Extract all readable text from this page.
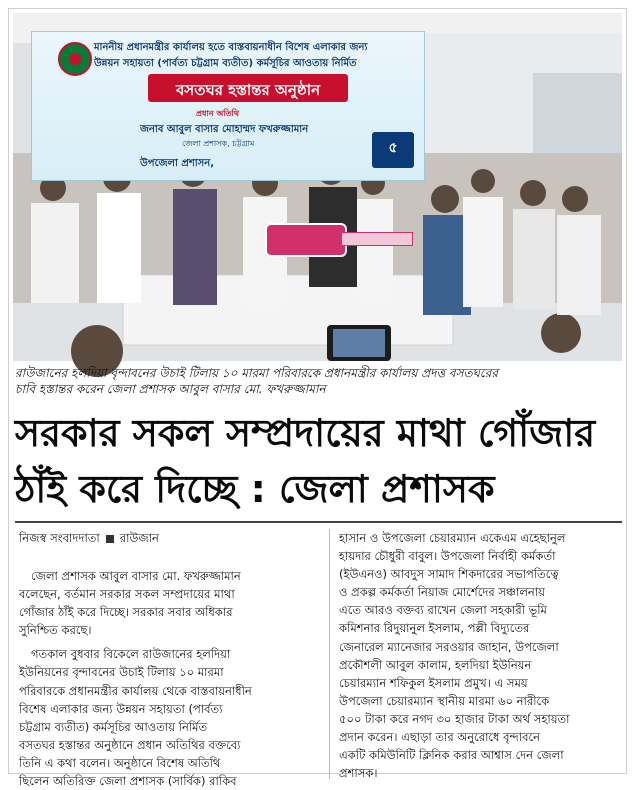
মাননীয় প্রধানমন্ত্রীর কার্যালয় হতে বাস্তবায়নাধীন বিশেষ এলাকার জন্য
উন্নয়ন সহায়তা (পার্বত্য চট্টগ্রাম ব্যতীত) কর্মসূচির আওতায় নির্মিত
বসতঘর হস্তান্তর অনুষ্ঠান
প্রধান অতিথি
জনাব আবুল বাসার মোহাম্মদ ফখরুজ্জামান
জেলা প্রশাসক, চট্টগ্রাম
উপজেলা প্রশাসন,
৫
রাউজানের হলদিয়া বৃন্দাবনের উচাই টিলায় ১০ মারমা পরিবারকে প্রধানমন্ত্রীর কার্যালয় প্রদত্ত বসতঘরের
চাবি হস্তান্তর করেন জেলা প্রশাসক আবুল বাসার মো. ফখরুজ্জামান
সরকার সকল সম্প্রদায়ের মাথা গোঁজার
ঠাঁই করে দিচ্ছে : জেলা প্রশাসক
নিজস্ব সংবাদদাতা রাউজান
জেলা প্রশাসক আবুল বাসার মো. ফখরুজ্জামান
বলেছেন, বর্তমান সরকার সকল সম্প্রদায়ের মাথা
গোঁজার ঠাঁই করে দিচ্ছে। সরকার সবার অধিকার
সুনিশ্চিত করছে।
গতকাল বুধবার বিকেলে রাউজানের হলদিয়া
ইউনিয়নের বৃন্দাবনের উচাই টিলায় ১০ মারমা
পরিবারকে প্রধানমন্ত্রীর কার্যালয় থেকে বাস্তবায়নাধীন
বিশেষ এলাকার জন্য উন্নয়ন সহায়তা (পার্বত্য
চট্টগ্রাম ব্যতীত) কর্মসূচির আওতায় নির্মিত
বসতঘর হস্তান্তর অনুষ্ঠানে প্রধান অতিথির বক্তব্যে
তিনি এ কথা বলেন। অনুষ্ঠানে বিশেষ অতিথি
ছিলেন অতিরিক্ত জেলা প্রশাসক (সার্বিক) রাকিব
হাসান ও উপজেলা চেয়ারম্যান একেএম এহেছানুল
হায়দার চৌধুরী বাবুল। উপজেলা নির্বাহী কর্মকর্তা
(ইউএনও) আবদুস সামাদ শিকদারের সভাপতিত্বে
ও প্রকল্প কর্মকর্তা নিয়াজ মোর্শেদের সঞ্চালনায়
এতে আরও বক্তব্য রাখেন জেলা সহকারী ভূমি
কমিশনার রিদুয়ানুল ইসলাম, পল্লী বিদ্যুতের
জেনারেল ম্যানেজার সরওয়ার জাহান, উপজেলা
প্রকৌশলী আবুল কালাম, হলদিয়া ইউনিয়ন
চেয়ারম্যান শফিকুল ইসলাম প্রমুখ। এ সময়
উপজেলা চেয়ারম্যান স্থানীয় মারমা ৬০ নারীকে
৫০০ টাকা করে নগদ ৩০ হাজার টাকা অর্থ সহায়তা
প্রদান করেন। এছাড়া তার অনুরোধে বৃন্দাবনে
একটি কমিউনিটি ক্লিনিক করার আশ্বাস দেন জেলা
প্রশাসক।
